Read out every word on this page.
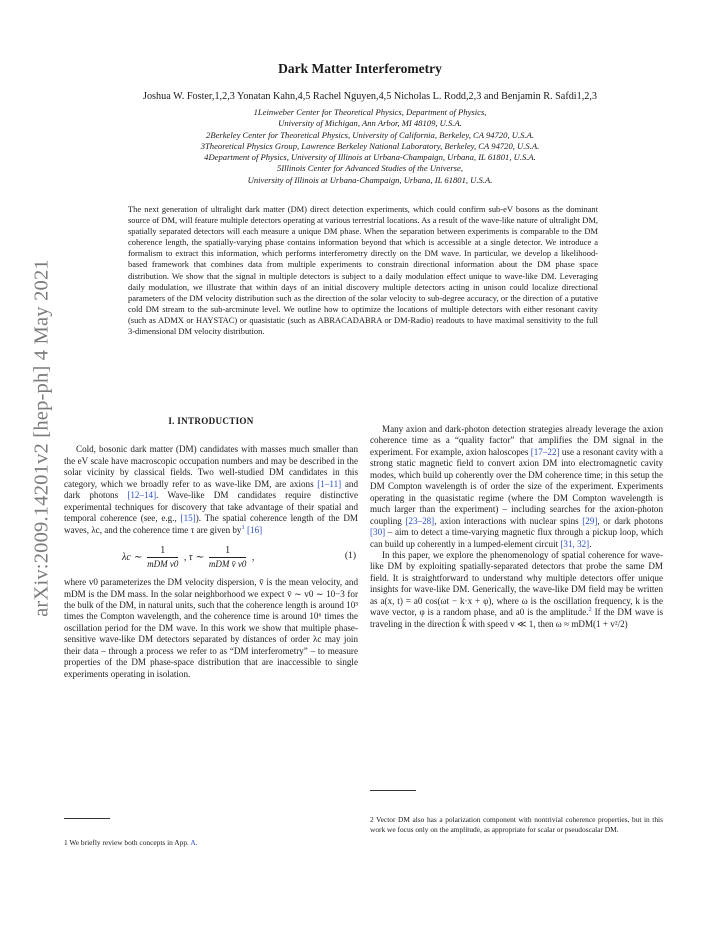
arXiv:2009.14201v2 [hep-ph] 4 May 2021
Dark Matter Interferometry
Joshua W. Foster,1,2,3 Yonatan Kahn,4,5 Rachel Nguyen,4,5 Nicholas L. Rodd,2,3 and Benjamin R. Safdi1,2,3
1Leinweber Center for Theoretical Physics, Department of Physics,
University of Michigan, Ann Arbor, MI 48109, U.S.A.
2Berkeley Center for Theoretical Physics, University of California, Berkeley, CA 94720, U.S.A.
3Theoretical Physics Group, Lawrence Berkeley National Laboratory, Berkeley, CA 94720, U.S.A.
4Department of Physics, University of Illinois at Urbana-Champaign, Urbana, IL 61801, U.S.A.
5Illinois Center for Advanced Studies of the Universe,
University of Illinois at Urbana-Champaign, Urbana, IL 61801, U.S.A.
The next generation of ultralight dark matter (DM) direct detection experiments, which could confirm sub-eV bosons as the dominant source of DM, will feature multiple detectors operating at various terrestrial locations. As a result of the wave-like nature of ultralight DM, spatially separated detectors will each measure a unique DM phase. When the separation between experiments is comparable to the DM coherence length, the spatially-varying phase contains information beyond that which is accessible at a single detector. We introduce a formalism to extract this information, which performs interferometry directly on the DM wave. In particular, we develop a likelihood-based framework that combines data from multiple experiments to constrain directional information about the DM phase space distribution. We show that the signal in multiple detectors is subject to a daily modulation effect unique to wave-like DM. Leveraging daily modulation, we illustrate that within days of an initial discovery multiple detectors acting in unison could localize directional parameters of the DM velocity distribution such as the direction of the solar velocity to sub-degree accuracy, or the direction of a putative cold DM stream to the sub-arcminute level. We outline how to optimize the locations of multiple detectors with either resonant cavity (such as ADMX or HAYSTAC) or quasistatic (such as ABRACADABRA or DM-Radio) readouts to have maximal sensitivity to the full 3-dimensional DM velocity distribution.
I. INTRODUCTION

Cold, bosonic dark matter (DM) candidates with masses much smaller than the eV scale have macroscopic occupation numbers and may be described in the solar vicinity by classical fields. Two well-studied DM candidates in this category, which we broadly refer to as wave-like DM, are axions [1–11] and dark photons [12–14]. Wave-like DM candidates require distinctive experimental techniques for discovery that take advantage of their spatial and temporal coherence (see, e.g., [15]). The spatial coherence length of the DM waves, λc, and the coherence time τ are given by$^1$ [16]

λc ∼ $\frac{1}{\text{mDM v0}}$ , τ ∼ $\frac{1}{\text{mDM v̄ v0}}$ ,	(1)

where v0 parameterizes the DM velocity dispersion, v̄ is the mean velocity, and mDM is the DM mass. In the solar neighborhood we expect v̄ ∼ v0 ∼ 10−3 for the bulk of the DM, in natural units, such that the coherence length is around 10³ times the Compton wavelength, and the coherence time is around 10⁶ times the oscillation period for the DM wave. In this work we show that multiple phase-sensitive wave-like DM detectors separated by distances of order λc may join their data – through a process we refer to as “DM interferometry” – to measure properties of the DM phase-space distribution that are inaccessible to single experiments operating in isolation.

Many axion and dark-photon detection strategies already leverage the axion coherence time as a “quality factor” that amplifies the DM signal in the experiment. For example, axion haloscopes [17–22] use a resonant cavity with a strong static magnetic field to convert axion DM into electromagnetic cavity modes, which build up coherently over the DM coherence time; in this setup the DM Compton wavelength is of order the size of the experiment. Experiments operating in the quasistatic regime (where the DM Compton wavelength is much larger than the experiment) – including searches for the axion-photon coupling [23–28], axion interactions with nuclear spins [29], or dark photons [30] – aim to detect a time-varying magnetic flux through a pickup loop, which can build up coherently in a lumped-element circuit [31, 32].

In this paper, we explore the phenomenology of spatial coherence for wave-like DM by exploiting spatially-separated detectors that probe the same DM field. It is straightforward to understand why multiple detectors offer unique insights for wave-like DM. Generically, the wave-like DM field may be written as a(x, t) = a0 cos(ωt − k·x + φ), where ω is the oscillation frequency, k is the wave vector, φ is a random phase, and a0 is the amplitude.$^2$ If the DM wave is traveling in the direction k̂ with speed v ≪ 1, then ω ≈ mDM(1 + v²/2)

1 We briefly review both concepts in App. A.
2 Vector DM also has a polarization component with nontrivial coherence properties, but in this work we focus only on the amplitude, as appropriate for scalar or pseudoscalar DM.
